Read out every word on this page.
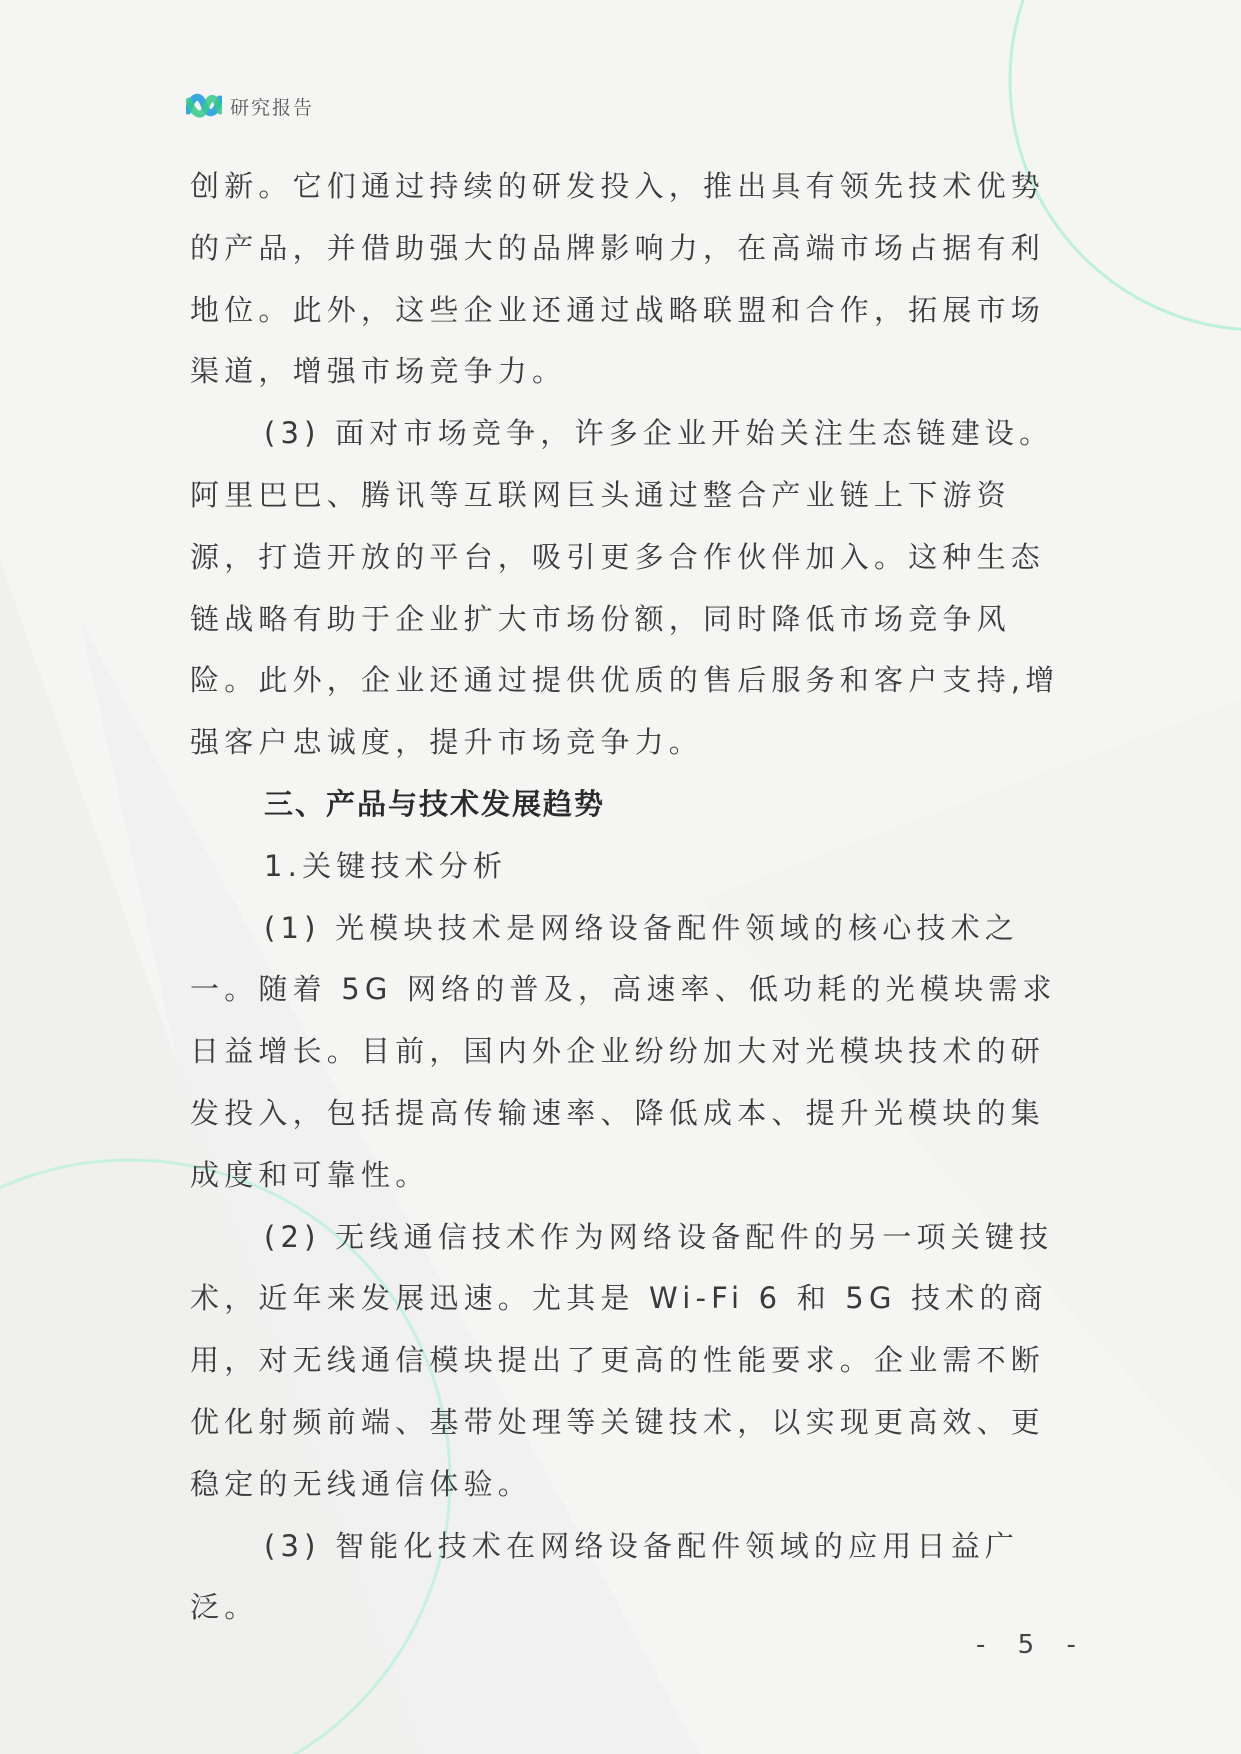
研究报告

创新。它们通过持续的研发投入，推出具有领先技术优势的产品，并借助强大的品牌影响力，在高端市场占据有利地位。此外，这些企业还通过战略联盟和合作，拓展市场渠道，增强市场竞争力。

(3) 面对市场竞争，许多企业开始关注生态链建设。阿里巴巴、腾讯等互联网巨头通过整合产业链上下游资源，打造开放的平台，吸引更多合作伙伴加入。这种生态链战略有助于企业扩大市场份额，同时降低市场竞争风险。此外，企业还通过提供优质的售后服务和客户支持,增强客户忠诚度，提升市场竞争力。

三、产品与技术发展趋势

1.关键技术分析

(1) 光模块技术是网络设备配件领域的核心技术之一。随着 5G 网络的普及，高速率、低功耗的光模块需求日益增长。目前，国内外企业纷纷加大对光模块技术的研发投入，包括提高传输速率、降低成本、提升光模块的集成度和可靠性。

(2) 无线通信技术作为网络设备配件的另一项关键技术，近年来发展迅速。尤其是 Wi-Fi 6 和 5G 技术的商用，对无线通信模块提出了更高的性能要求。企业需不断优化射频前端、基带处理等关键技术，以实现更高效、更稳定的无线通信体验。

(3) 智能化技术在网络设备配件领域的应用日益广泛。

- 5 -
